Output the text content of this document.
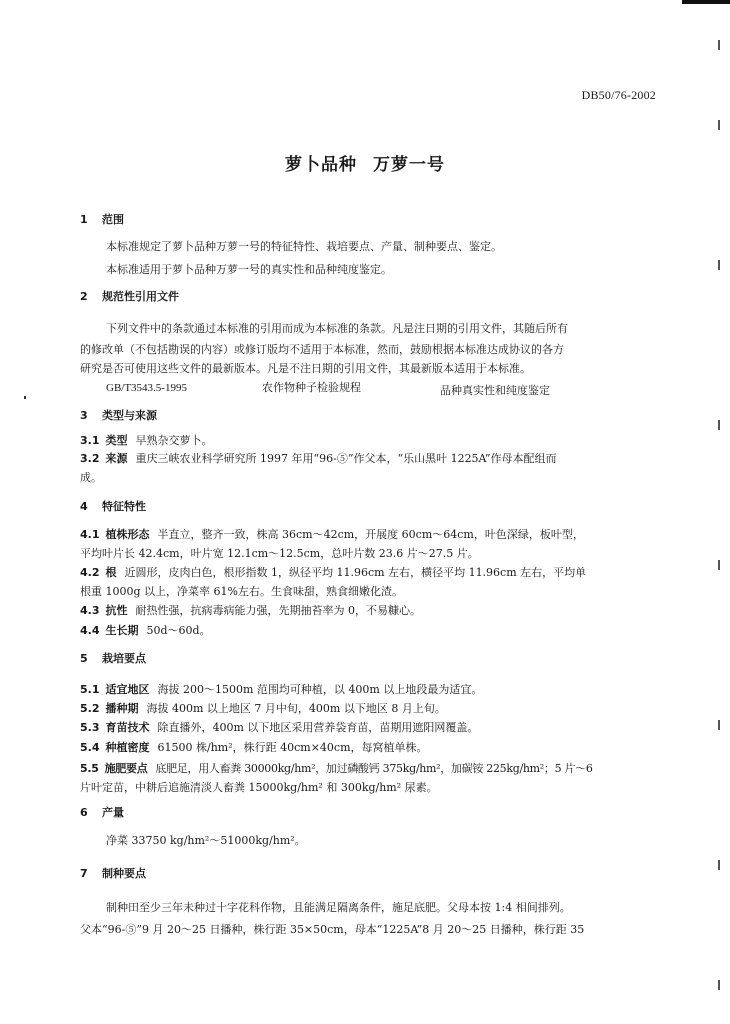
DB50/76-2002
萝卜品种 万萝一号
1 范围
本标准规定了萝卜品种万萝一号的特征特性、栽培要点、产量、制种要点、鉴定。
本标准适用于萝卜品种万萝一号的真实性和品种纯度鉴定。
2 规范性引用文件
下列文件中的条款通过本标准的引用而成为本标准的条款。凡是注日期的引用文件，其随后所有
的修改单（不包括勘误的内容）或修订版均不适用于本标准，然而，鼓励根据本标准达成协议的各方
研究是否可使用这些文件的最新版本。凡是不注日期的引用文件，其最新版本适用于本标准。
GB/T3543.5-1995	农作物种子检验规程	品种真实性和纯度鉴定
3 类型与来源
3.1 类型 早熟杂交萝卜。
3.2 来源 重庆三峡农业科学研究所 1997 年用“96-⑤”作父本，“乐山黑叶 1225A”作母本配组而
成。
4 特征特性
4.1 植株形态 半直立，整齐一致，株高 36cm～42cm，开展度 60cm～64cm，叶色深绿，板叶型，
平均叶片长 42.4cm，叶片宽 12.1cm～12.5cm，总叶片数 23.6 片～27.5 片。
4.2 根 近圆形，皮肉白色，根形指数 1，纵径平均 11.96cm 左右，横径平均 11.96cm 左右，平均单
根重 1000g 以上，净菜率 61%左右。生食味甜，熟食细嫩化渣。
4.3 抗性 耐热性强，抗病毒病能力强，先期抽苔率为 0，不易糠心。
4.4 生长期 50d～60d。
5 栽培要点
5.1 适宜地区 海拔 200～1500m 范围均可种植，以 400m 以上地段最为适宜。
5.2 播种期 海拔 400m 以上地区 7 月中旬，400m 以下地区 8 月上旬。
5.3 育苗技术 除直播外，400m 以下地区采用营养袋育苗，苗期用遮阳网覆盖。
5.4 种植密度 61500 株/hm²，株行距 40cm×40cm，每窝植单株。
5.5 施肥要点 底肥足，用人畜粪 30000kg/hm²，加过磷酸钙 375kg/hm²，加碳铵 225kg/hm²；5 片～6
片叶定苗，中耕后追施清淡人畜粪 15000kg/hm² 和 300kg/hm² 尿素。
6 产量
净菜 33750 kg/hm²～51000kg/hm²。
7 制种要点
制种田至少三年未种过十字花科作物，且能满足隔离条件，施足底肥。父母本按 1:4 相间排列。
父本“96-⑤”9 月 20～25 日播种，株行距 35×50cm，母本“1225A”8 月 20～25 日播种，株行距 35
